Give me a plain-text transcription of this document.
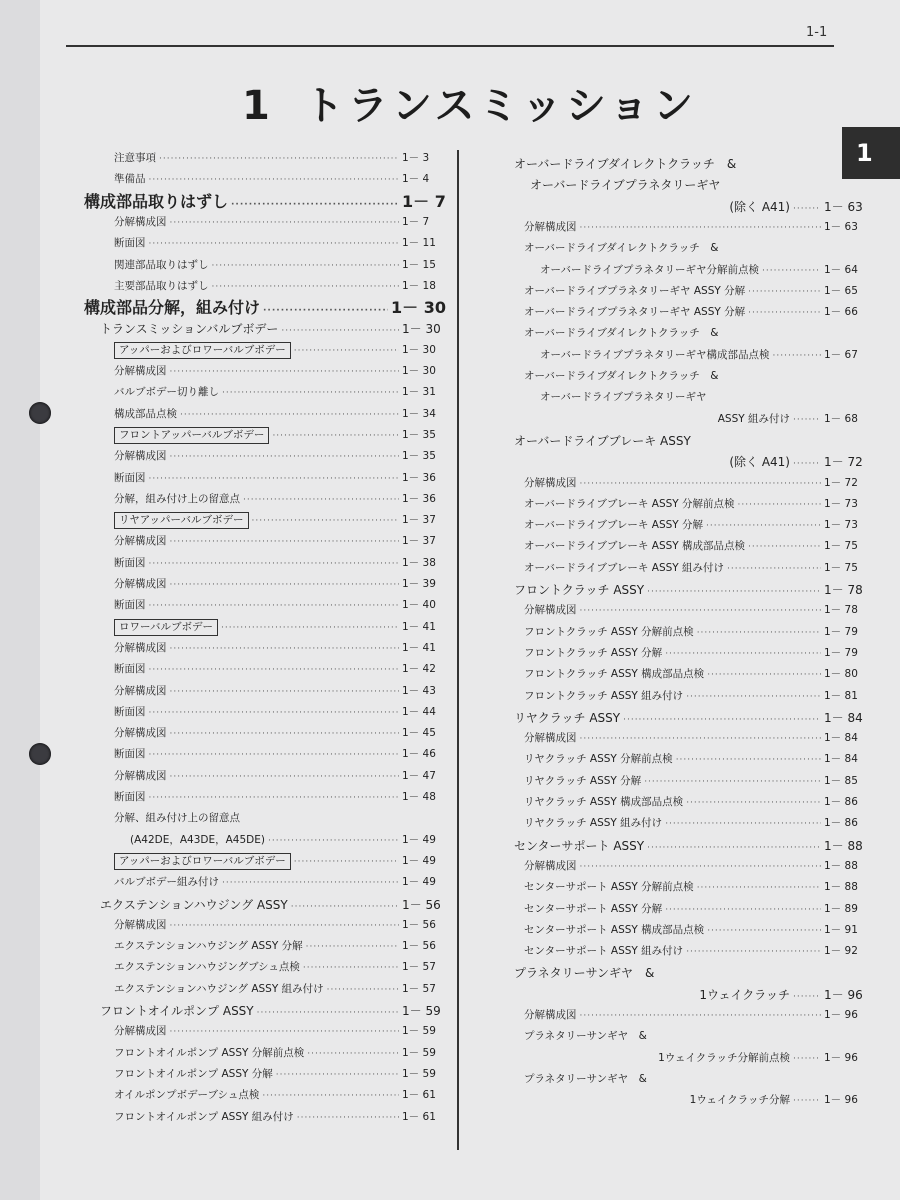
1-1
1
1 トランスミッション
注意事項 ·····	1－ 3
準備品 ·····	1－ 4
構成部品取りはずし ·····	1－ 7
分解構成図 ·····	1－ 7
断面図 ·····	1－ 11
関連部品取りはずし ·····	1－ 15
主要部品取りはずし ·····	1－ 18
構成部品分解，組み付け ·····	1－ 30
トランスミッションバルブボデー ·····	1－ 30
アッパーおよびロワーバルブボデー ·····	1－ 30
分解構成図 ·····	1－ 30
バルブボデー切り離し ·····	1－ 31
構成部品点検 ·····	1－ 34
フロントアッパーバルブボデー ·····	1－ 35
分解構成図 ·····	1－ 35
断面図 ·····	1－ 36
分解，組み付け上の留意点 ·····	1－ 36
リヤアッパーバルブボデー ·····	1－ 37
分解構成図 ·····	1－ 37
断面図 ·····	1－ 38
分解構成図 ·····	1－ 39
断面図 ·····	1－ 40
ロワーバルブボデー ·····	1－ 41
分解構成図 ·····	1－ 41
断面図 ·····	1－ 42
分解構成図 ·····	1－ 43
断面図 ·····	1－ 44
分解構成図 ·····	1－ 45
断面図 ·····	1－ 46
分解構成図 ·····	1－ 47
断面図 ·····	1－ 48
分解、組み付け上の留意点
(A42DE，A43DE，A45DE) ·····	1－ 49
アッパーおよびロワーバルブボデー ·····	1－ 49
バルブボデー組み付け ·····	1－ 49
エクステンションハウジング ASSY ·····	1－ 56
分解構成図 ·····	1－ 56
エクステンションハウジング ASSY 分解 ·····	1－ 56
エクステンションハウジングブシュ点検 ·····	1－ 57
エクステンションハウジング ASSY 組み付け ·····	1－ 57
フロントオイルポンプ ASSY ·····	1－ 59
分解構成図 ·····	1－ 59
フロントオイルポンプ ASSY 分解前点検 ·····	1－ 59
フロントオイルポンプ ASSY 分解 ·····	1－ 59
オイルポンプボデーブシュ点検 ·····	1－ 61
フロントオイルポンプ ASSY 組み付け ·····	1－ 61
オーバードライブダイレクトクラッチ　&
オーバードライブプラネタリーギヤ
(除く A41) ·····	1－ 63
分解構成図 ·····	1－ 63
オーバードライブダイレクトクラッチ　&
オーバードライブプラネタリーギヤ分解前点検 ·····	1－ 64
オーバードライブプラネタリーギヤ ASSY 分解 ·····	1－ 65
オーバードライブプラネタリーギヤ ASSY 分解 ·····	1－ 66
オーバードライブダイレクトクラッチ　&
オーバードライブプラネタリーギヤ構成部品点検 ·····	1－ 67
オーバードライブダイレクトクラッチ　&
オーバードライブプラネタリーギヤ
ASSY 組み付け ·····	1－ 68
オーバードライブブレーキ ASSY
(除く A41) ·····	1－ 72
分解構成図 ·····	1－ 72
オーバードライブブレーキ ASSY 分解前点検 ·····	1－ 73
オーバードライブブレーキ ASSY 分解 ·····	1－ 73
オーバードライブブレーキ ASSY 構成部品点検 ·····	1－ 75
オーバードライブブレーキ ASSY 組み付け ·····	1－ 75
フロントクラッチ ASSY ·····	1－ 78
分解構成図 ·····	1－ 78
フロントクラッチ ASSY 分解前点検 ·····	1－ 79
フロントクラッチ ASSY 分解 ·····	1－ 79
フロントクラッチ ASSY 構成部品点検 ·····	1－ 80
フロントクラッチ ASSY 組み付け ·····	1－ 81
リヤクラッチ ASSY ·····	1－ 84
分解構成図 ·····	1－ 84
リヤクラッチ ASSY 分解前点検 ·····	1－ 84
リヤクラッチ ASSY 分解 ·····	1－ 85
リヤクラッチ ASSY 構成部品点検 ·····	1－ 86
リヤクラッチ ASSY 組み付け ·····	1－ 86
センターサポート ASSY ·····	1－ 88
分解構成図 ·····	1－ 88
センターサポート ASSY 分解前点検 ·····	1－ 88
センターサポート ASSY 分解 ·····	1－ 89
センターサポート ASSY 構成部品点検 ·····	1－ 91
センターサポート ASSY 組み付け ·····	1－ 92
プラネタリーサンギヤ　&
1ウェイクラッチ ·····	1－ 96
分解構成図 ·····	1－ 96
プラネタリーサンギヤ　&
1ウェイクラッチ分解前点検 ·····	1－ 96
プラネタリーサンギヤ　&
1ウェイクラッチ分解 ·····	1－ 96
